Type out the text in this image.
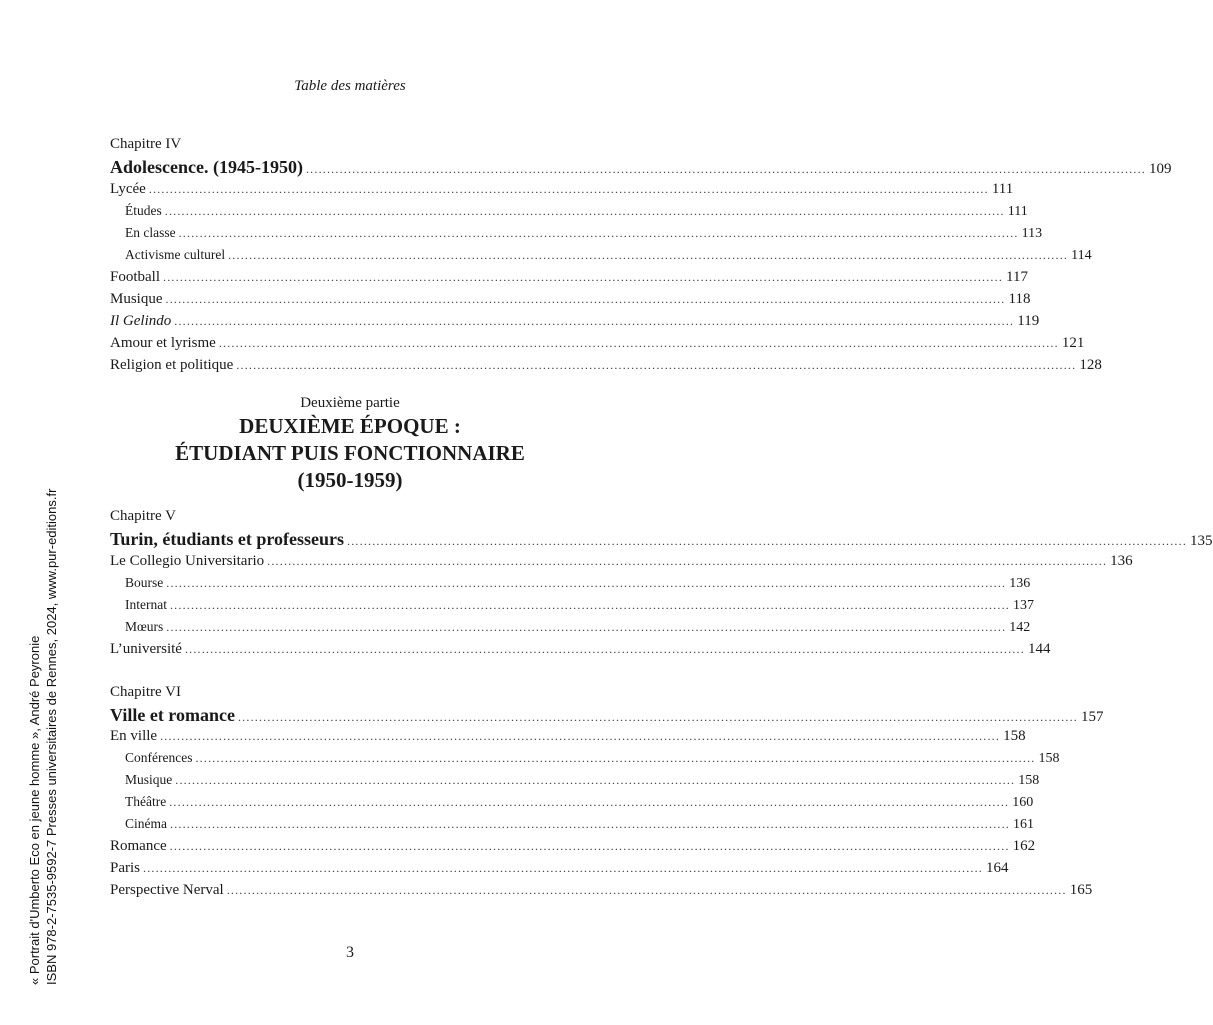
Table des matières
Chapitre IV
Adolescence. (1945-1950) ........................................................................................................................................................................................................ 109
Lycée ........................................................................................................................................................................................................ 111
Études ........................................................................................................................................................................................................ 111
En classe ........................................................................................................................................................................................................ 113
Activisme culturel ........................................................................................................................................................................................................ 114
Football ........................................................................................................................................................................................................ 117
Musique ........................................................................................................................................................................................................ 118
Il Gelindo ........................................................................................................................................................................................................ 119
Amour et lyrisme ........................................................................................................................................................................................................ 121
Religion et politique ........................................................................................................................................................................................................ 128
Chapitre V
Turin, étudiants et professeurs ........................................................................................................................................................................................................ 135
Le Collegio Universitario ........................................................................................................................................................................................................ 136
Bourse ........................................................................................................................................................................................................ 136
Internat ........................................................................................................................................................................................................ 137
Mœurs ........................................................................................................................................................................................................ 142
L’université ........................................................................................................................................................................................................ 144
Chapitre VI
Ville et romance ........................................................................................................................................................................................................ 157
En ville ........................................................................................................................................................................................................ 158
Conférences ........................................................................................................................................................................................................ 158
Musique ........................................................................................................................................................................................................ 158
Théâtre ........................................................................................................................................................................................................ 160
Cinéma ........................................................................................................................................................................................................ 161
Romance ........................................................................................................................................................................................................ 162
Paris ........................................................................................................................................................................................................ 164
Perspective Nerval ........................................................................................................................................................................................................ 165
Deuxième partie
DEUXIÈME ÉPOQUE :
ÉTUDIANT PUIS FONCTIONNAIRE
(1950-1959)
« Portrait d'Umberto Eco en jeune homme », André Peyronie ISBN 978-2-7535-9592-7 Presses universitaires de Rennes, 2024, www.pur-editions.fr	3
